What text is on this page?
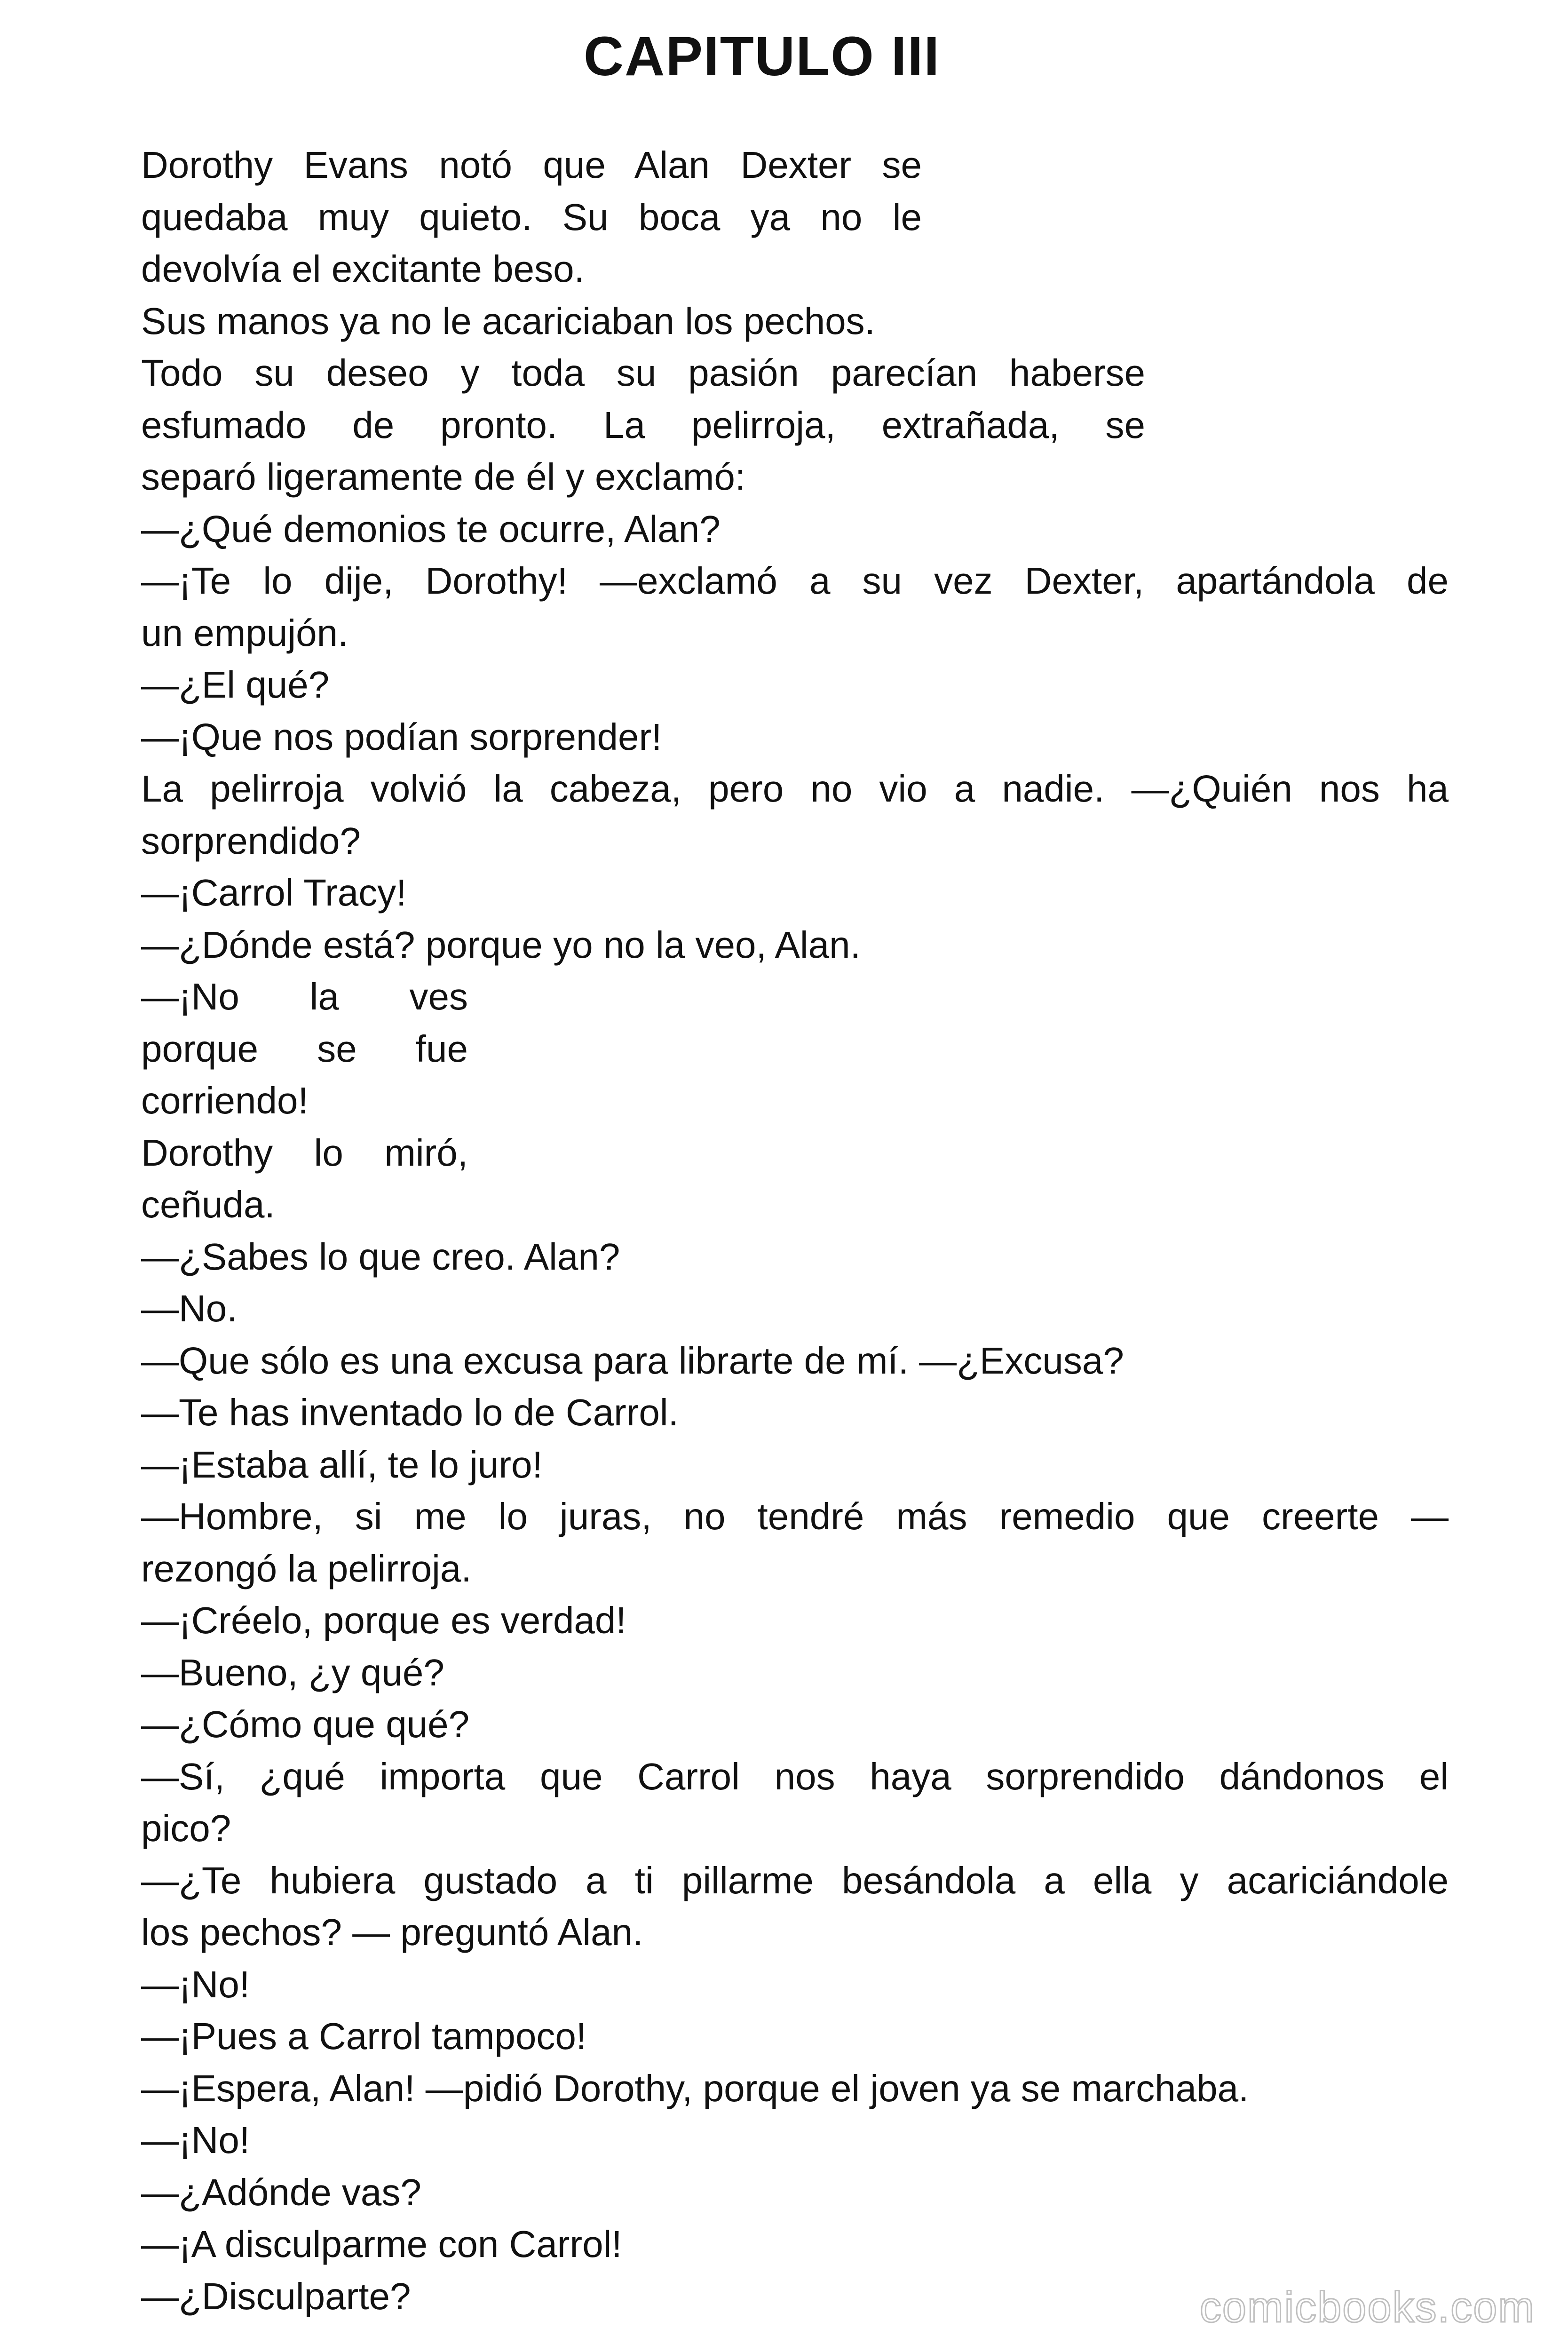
CAPITULO III
Dorothy Evans notó que Alan Dexter se
quedaba muy quieto. Su boca ya no le
devolvía el excitante beso.
Sus manos ya no le acariciaban los pechos.
Todo su deseo y toda su pasión parecían haberse
esfumado de pronto. La pelirroja, extrañada, se
separó ligeramente de él y exclamó:
—¿Qué demonios te ocurre, Alan?
—¡Te lo dije, Dorothy! —exclamó a su vez Dexter, apartándola de
un empujón.
—¿El qué?
—¡Que nos podían sorprender!
La pelirroja volvió la cabeza, pero no vio a nadie. —¿Quién nos ha
sorprendido?
—¡Carrol Tracy!
—¿Dónde está? porque yo no la veo, Alan.
—¡No la ves
porque se fue
corriendo!
Dorothy lo miró,
ceñuda.
—¿Sabes lo que creo. Alan?
—No.
—Que sólo es una excusa para librarte de mí. —¿Excusa?
—Te has inventado lo de Carrol.
—¡Estaba allí, te lo juro!
—Hombre, si me lo juras, no tendré más remedio que creerte —
rezongó la pelirroja.
—¡Créelo, porque es verdad!
—Bueno, ¿y qué?
—¿Cómo que qué?
—Sí, ¿qué importa que Carrol nos haya sorprendido dándonos el
pico?
—¿Te hubiera gustado a ti pillarme besándola a ella y acariciándole
los pechos? — preguntó Alan.
—¡No!
—¡Pues a Carrol tampoco!
—¡Espera, Alan! —pidió Dorothy, porque el joven ya se marchaba.
—¡No!
—¿Adónde vas?
—¡A disculparme con Carrol!
—¿Disculparte?	comicbooks.com
